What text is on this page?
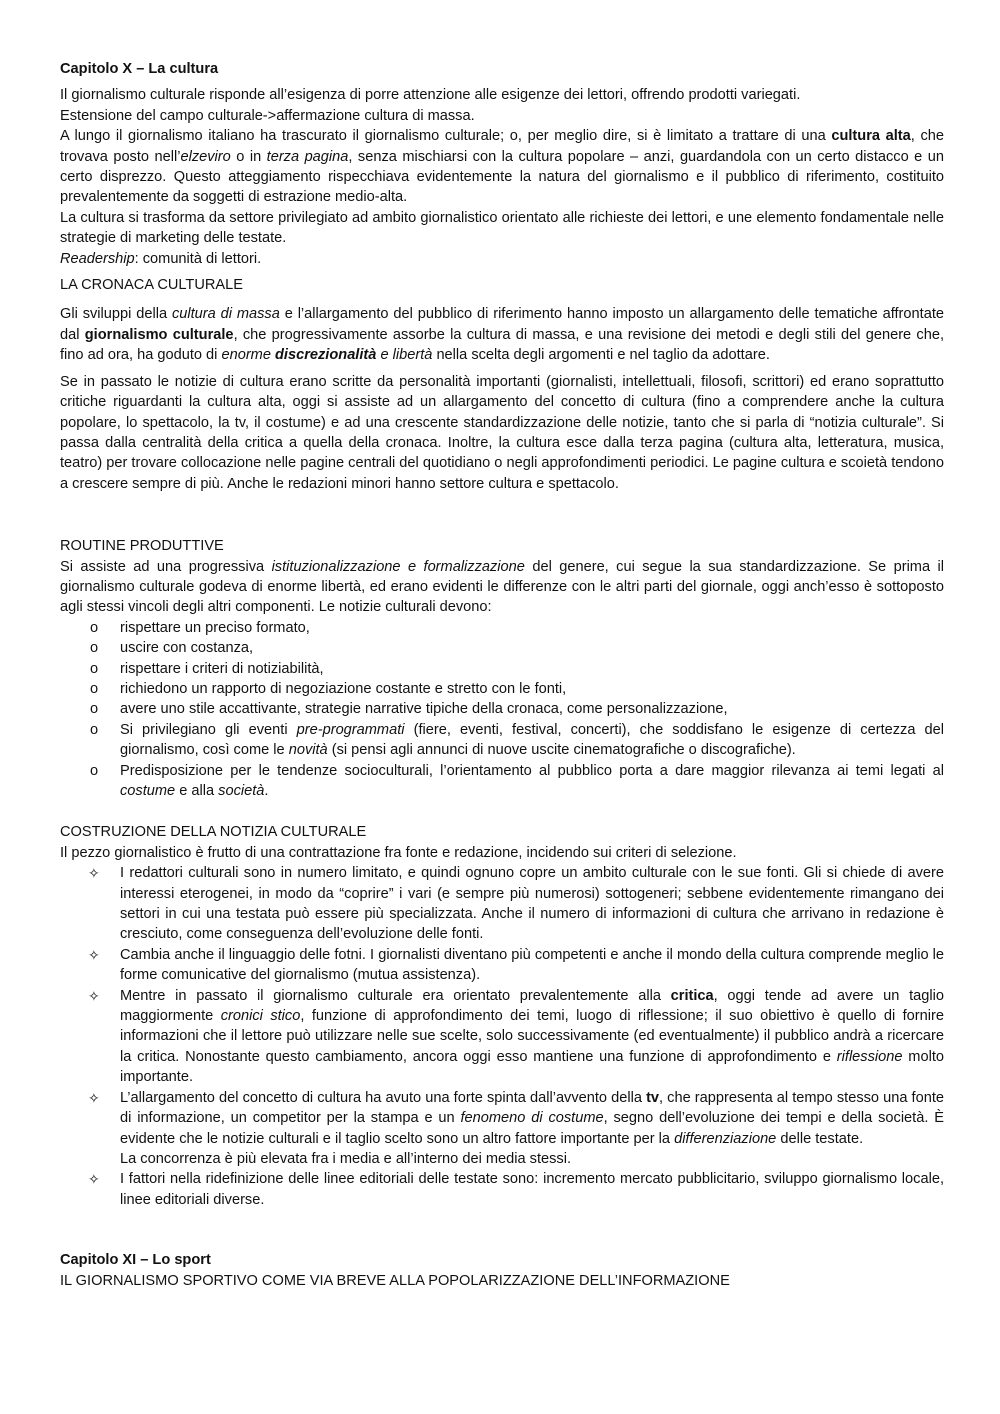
Capitolo X – La cultura

Il giornalismo culturale risponde all’esigenza di porre attenzione alle esigenze dei lettori, offrendo prodotti variegati.

Estensione del campo culturale->affermazione cultura di massa.

A lungo il giornalismo italiano ha trascurato il giornalismo culturale; o, per meglio dire, si è limitato a trattare di una cultura alta, che trovava posto nell’elzeviro o in terza pagina, senza mischiarsi con la cultura popolare – anzi, guardandola con un certo distacco e un certo disprezzo. Questo atteggiamento rispecchiava evidentemente la natura del giornalismo e il pubblico di riferimento, costituito prevalentemente da soggetti di estrazione medio-alta.

La cultura si trasforma da settore privilegiato ad ambito giornalistico orientato alle richieste dei lettori, e une elemento fondamentale nelle strategie di marketing delle testate.

Readership: comunità di lettori.

LA CRONACA CULTURALE

Gli sviluppi della cultura di massa e l’allargamento del pubblico di riferimento hanno imposto un allargamento delle tematiche affrontate dal giornalismo culturale, che progressivamente assorbe la cultura di massa, e una revisione dei metodi e degli stili del genere che, fino ad ora, ha goduto di enorme discrezionalità e libertà nella scelta degli argomenti e nel taglio da adottare.

Se in passato le notizie di cultura erano scritte da personalità importanti (giornalisti, intellettuali, filosofi, scrittori) ed erano soprattutto critiche riguardanti la cultura alta, oggi si assiste ad un allargamento del concetto di cultura (fino a comprendere anche la cultura popolare, lo spettacolo, la tv, il costume) e ad una crescente standardizzazione delle notizie, tanto che si parla di “notizia culturale”. Si passa dalla centralità della critica a quella della cronaca. Inoltre, la cultura esce dalla terza pagina (cultura alta, letteratura, musica, teatro) per trovare collocazione nelle pagine centrali del quotidiano o negli approfondimenti periodici. Le pagine cultura e scoietà tendono a crescere sempre di più. Anche le redazioni minori hanno settore cultura e spettacolo.

ROUTINE PRODUTTIVE

Si assiste ad una progressiva istituzionalizzazione e formalizzazione del genere, cui segue la sua standardizzazione. Se prima il giornalismo culturale godeva di enorme libertà, ed erano evidenti le differenze con le altri parti del giornale, oggi anch’esso è sottoposto agli stessi vincoli degli altri componenti. Le notizie culturali devono:

o rispettare un preciso formato,
o uscire con costanza,
o rispettare i criteri di notiziabilità,
o richiedono un rapporto di negoziazione costante e stretto con le fonti,
o avere uno stile accattivante, strategie narrative tipiche della cronaca, come personalizzazione,
o Si privilegiano gli eventi pre-programmati (fiere, eventi, festival, concerti), che soddisfano le esigenze di certezza del giornalismo, così come le novità (si pensi agli annunci di nuove uscite cinematografiche o discografiche).
o Predisposizione per le tendenze socioculturali, l’orientamento al pubblico porta a dare maggior rilevanza ai temi legati al costume e alla società.

COSTRUZIONE DELLA NOTIZIA CULTURALE

Il pezzo giornalistico è frutto di una contrattazione fra fonte e redazione, incidendo sui criteri di selezione.

✧ I redattori culturali sono in numero limitato, e quindi ognuno copre un ambito culturale con le sue fonti. Gli si chiede di avere interessi eterogenei, in modo da “coprire” i vari (e sempre più numerosi) sottogeneri; sebbene evidentemente rimangano dei settori in cui una testata può essere più specializzata. Anche il numero di informazioni di cultura che arrivano in redazione è cresciuto, come conseguenza dell’evoluzione delle fonti.
✧ Cambia anche il linguaggio delle fotni. I giornalisti diventano più competenti e anche il mondo della cultura comprende meglio le forme comunicative del giornalismo (mutua assistenza).
✧ Mentre in passato il giornalismo culturale era orientato prevalentemente alla critica, oggi tende ad avere un taglio maggiormente cronici stico, funzione di approfondimento dei temi, luogo di riflessione; il suo obiettivo è quello di fornire informazioni che il lettore può utilizzare nelle sue scelte, solo successivamente (ed eventualmente) il pubblico andrà a ricercare la critica. Nonostante questo cambiamento, ancora oggi esso mantiene una funzione di approfondimento e riflessione molto importante.
✧ L’allargamento del concetto di cultura ha avuto una forte spinta dall’avvento della tv, che rappresenta al tempo stesso una fonte di informazione, un competitor per la stampa e un fenomeno di costume, segno dell’evoluzione dei tempi e della società. È evidente che le notizie culturali e il taglio scelto sono un altro fattore importante per la differenziazione delle testate.
La concorrenza è più elevata fra i media e all’interno dei media stessi.
✧ I fattori nella ridefinizione delle linee editoriali delle testate sono: incremento mercato pubblicitario, sviluppo giornalismo locale, linee editoriali diverse.

Capitolo XI – Lo sport

IL GIORNALISMO SPORTIVO COME VIA BREVE ALLA POPOLARIZZAZIONE DELL’INFORMAZIONE
